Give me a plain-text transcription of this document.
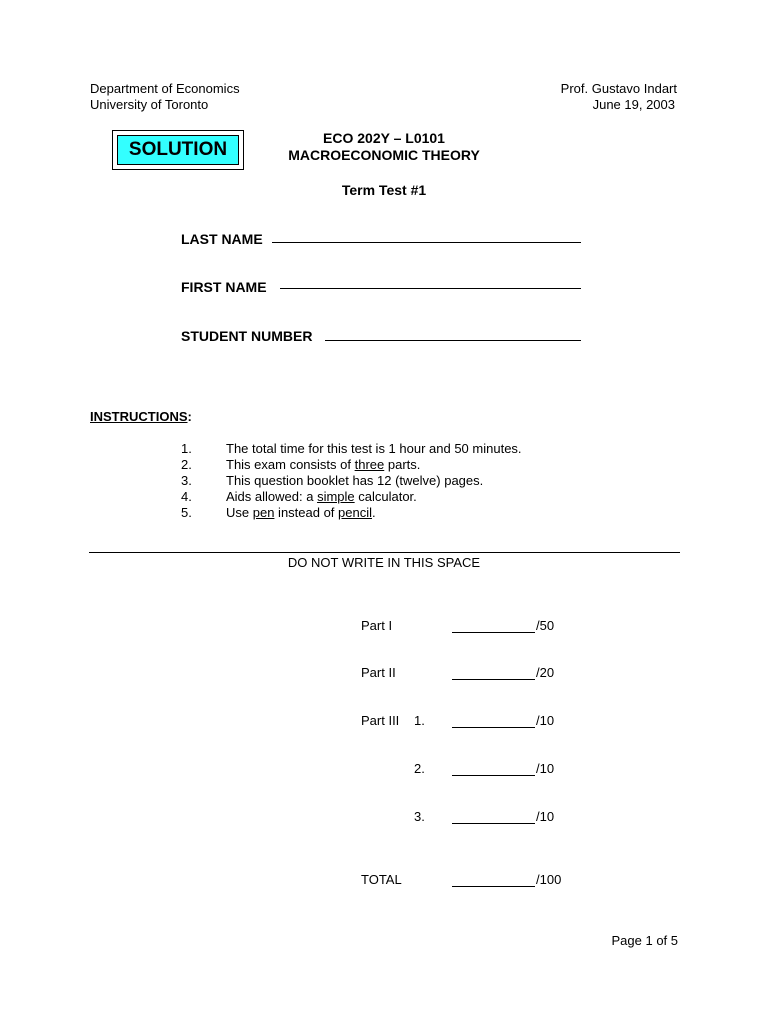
Department of Economics
University of Toronto
Prof. Gustavo Indart
June 19, 2003
SOLUTION
ECO 202Y – L0101
MACROECONOMIC THEORY
Term Test #1
LAST NAME
FIRST NAME
STUDENT NUMBER
INSTRUCTIONS:
1.	The total time for this test is 1 hour and 50 minutes.
2.	This exam consists of three parts.
3.	This question booklet has 12 (twelve) pages.
4.	Aids allowed: a simple calculator.
5.	Use pen instead of pencil.
DO NOT WRITE IN THIS SPACE
Part I	/50
Part II	/20
Part III 1.	/10
2.	/10
3.	/10
TOTAL	/100
Page 1 of 5
